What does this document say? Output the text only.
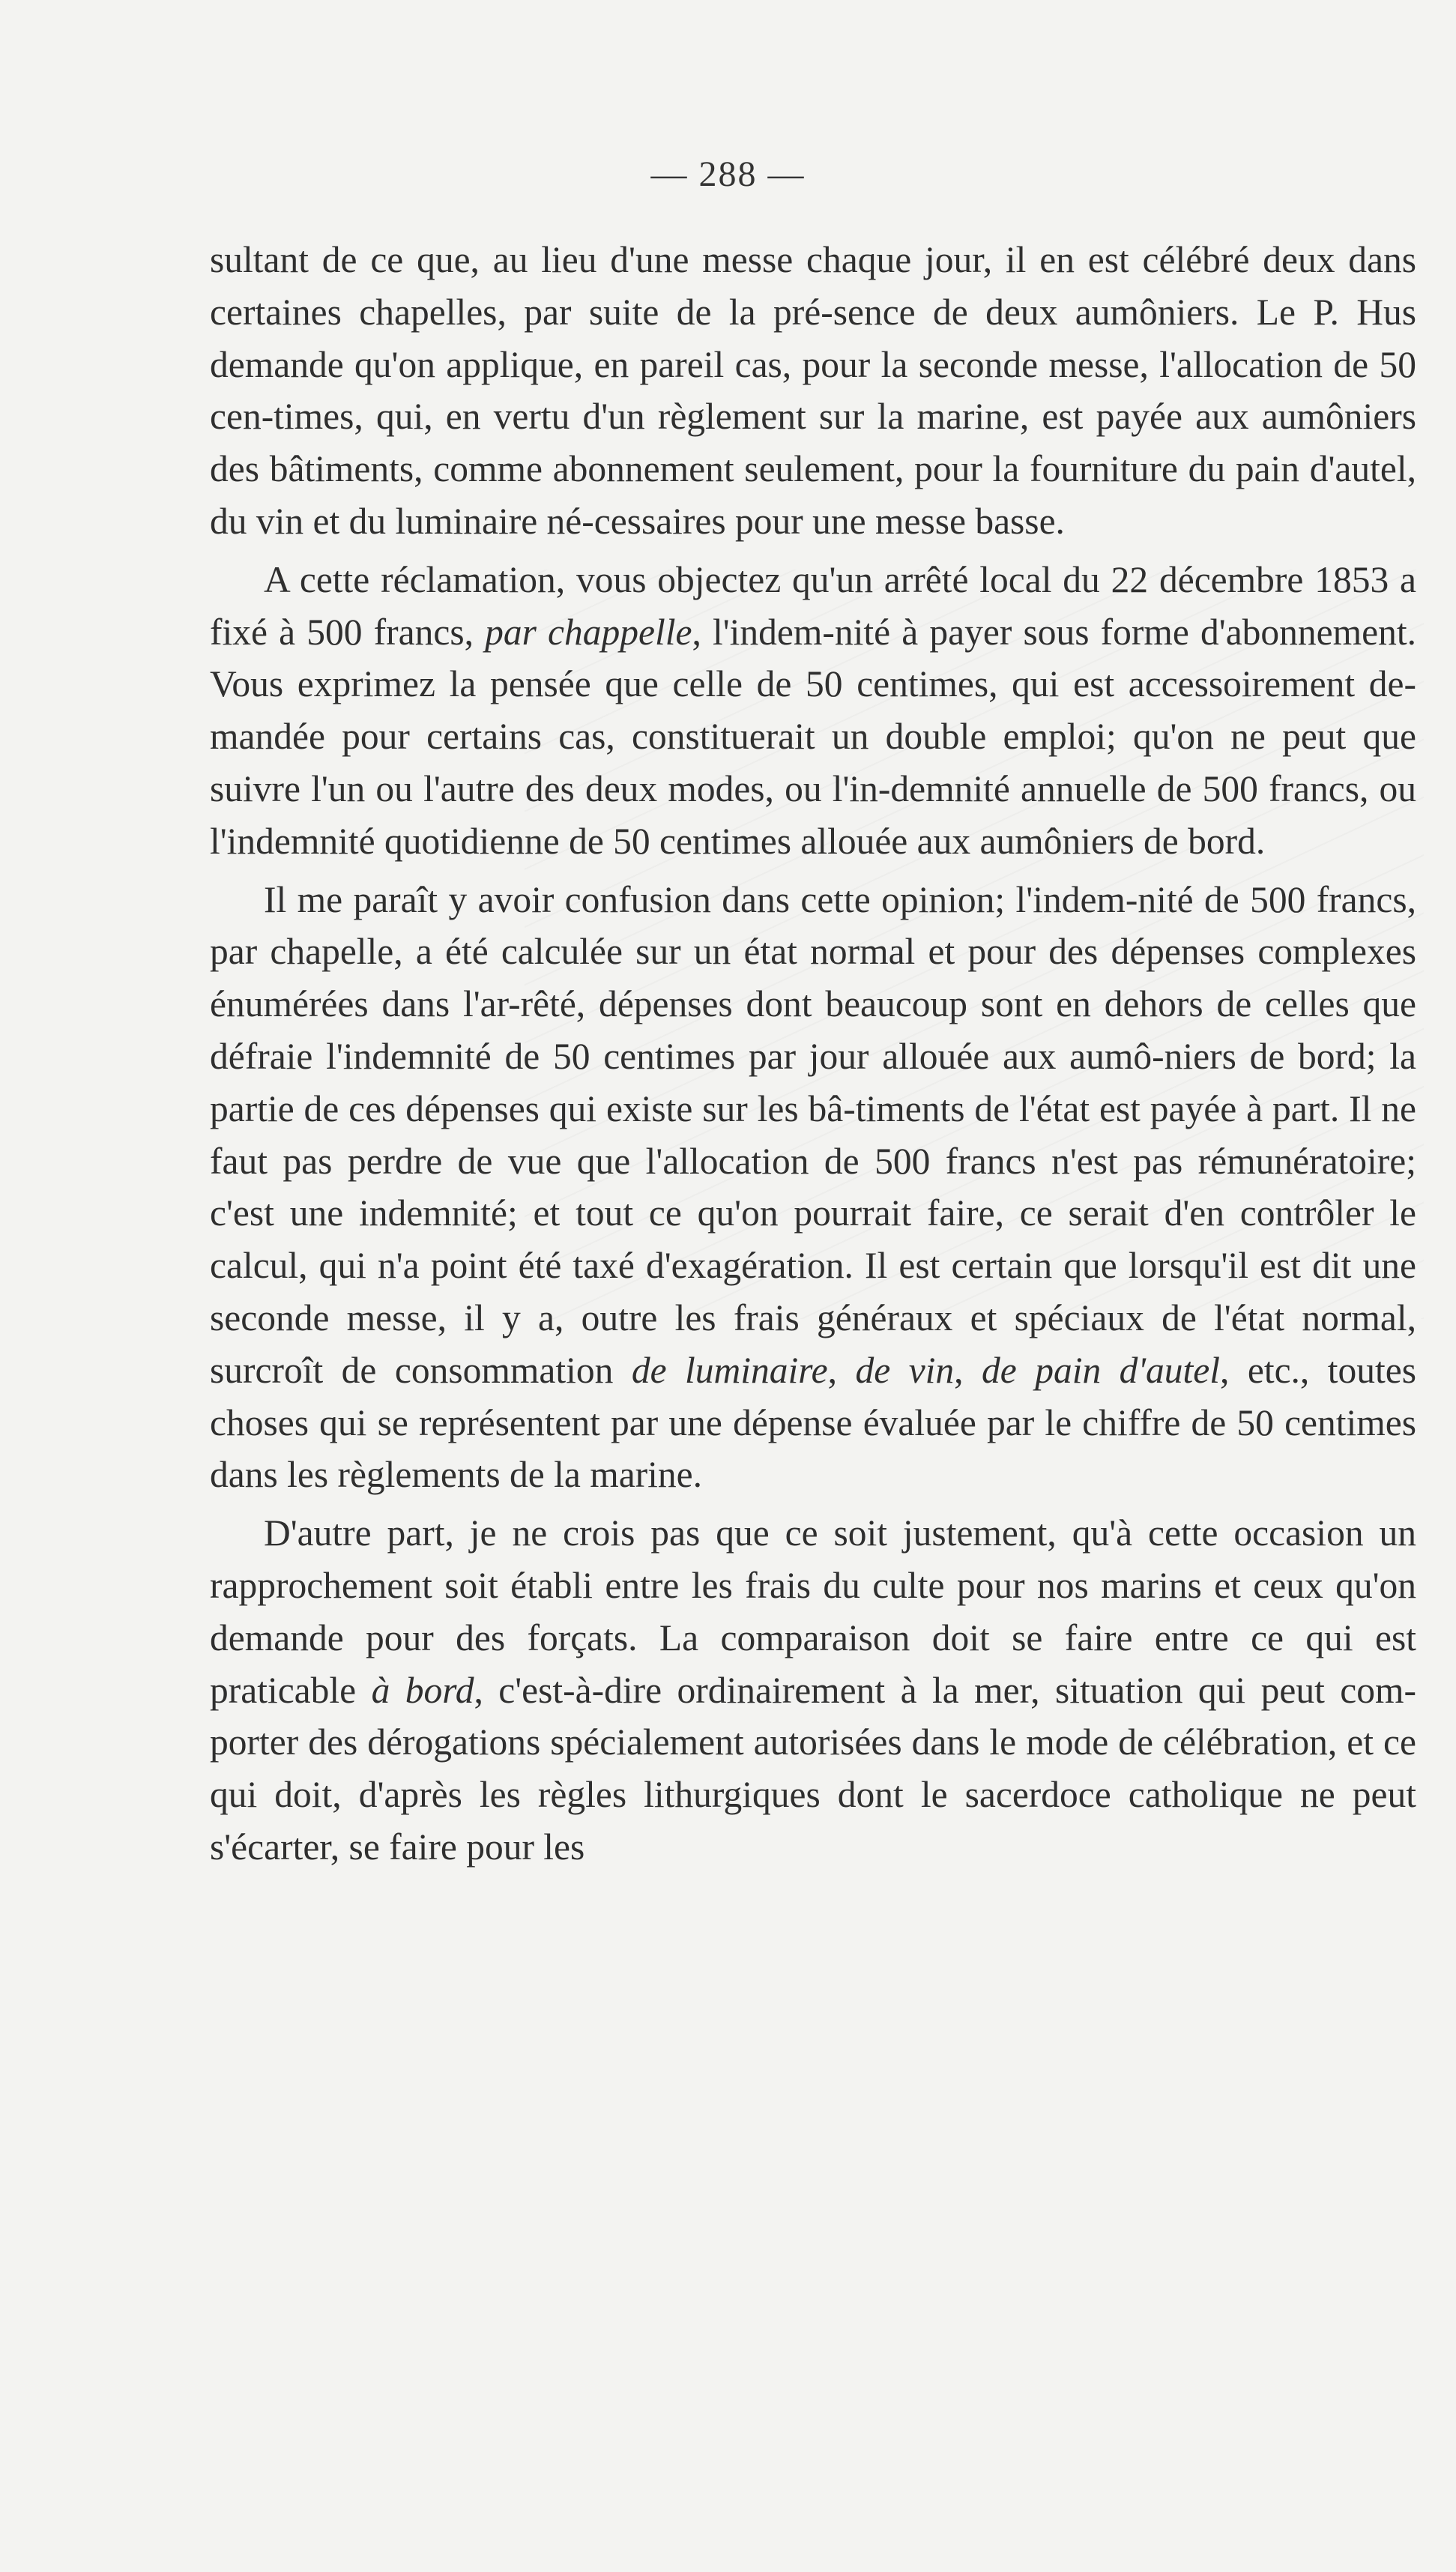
— 288 —

sultant de ce que, au lieu d'une messe chaque jour, il en est célébré deux dans certaines chapelles, par suite de la pré-sence de deux aumôniers. Le P. Hus demande qu'on applique, en pareil cas, pour la seconde messe, l'allocation de 50 cen-times, qui, en vertu d'un règlement sur la marine, est payée aux aumôniers des bâtiments, comme abonnement seulement, pour la fourniture du pain d'autel, du vin et du luminaire né-cessaires pour une messe basse.

A cette réclamation, vous objectez qu'un arrêté local du 22 décembre 1853 a fixé à 500 francs, par chappelle, l'indem-nité à payer sous forme d'abonnement. Vous exprimez la pensée que celle de 50 centimes, qui est accessoirement de-mandée pour certains cas, constituerait un double emploi; qu'on ne peut que suivre l'un ou l'autre des deux modes, ou l'in-demnité annuelle de 500 francs, ou l'indemnité quotidienne de 50 centimes allouée aux aumôniers de bord.

Il me paraît y avoir confusion dans cette opinion; l'indem-nité de 500 francs, par chapelle, a été calculée sur un état normal et pour des dépenses complexes énumérées dans l'ar-rêté, dépenses dont beaucoup sont en dehors de celles que défraie l'indemnité de 50 centimes par jour allouée aux aumô-niers de bord; la partie de ces dépenses qui existe sur les bâ-timents de l'état est payée à part. Il ne faut pas perdre de vue que l'allocation de 500 francs n'est pas rémunératoire; c'est une indemnité; et tout ce qu'on pourrait faire, ce serait d'en contrôler le calcul, qui n'a point été taxé d'exagération. Il est certain que lorsqu'il est dit une seconde messe, il y a, outre les frais généraux et spéciaux de l'état normal, surcroît de consommation de luminaire, de vin, de pain d'autel, etc., toutes choses qui se représentent par une dépense évaluée par le chiffre de 50 centimes dans les règlements de la marine.

D'autre part, je ne crois pas que ce soit justement, qu'à cette occasion un rapprochement soit établi entre les frais du culte pour nos marins et ceux qu'on demande pour des forçats. La comparaison doit se faire entre ce qui est praticable à bord, c'est-à-dire ordinairement à la mer, situation qui peut com-porter des dérogations spécialement autorisées dans le mode de célébration, et ce qui doit, d'après les règles lithurgiques dont le sacerdoce catholique ne peut s'écarter, se faire pour les
